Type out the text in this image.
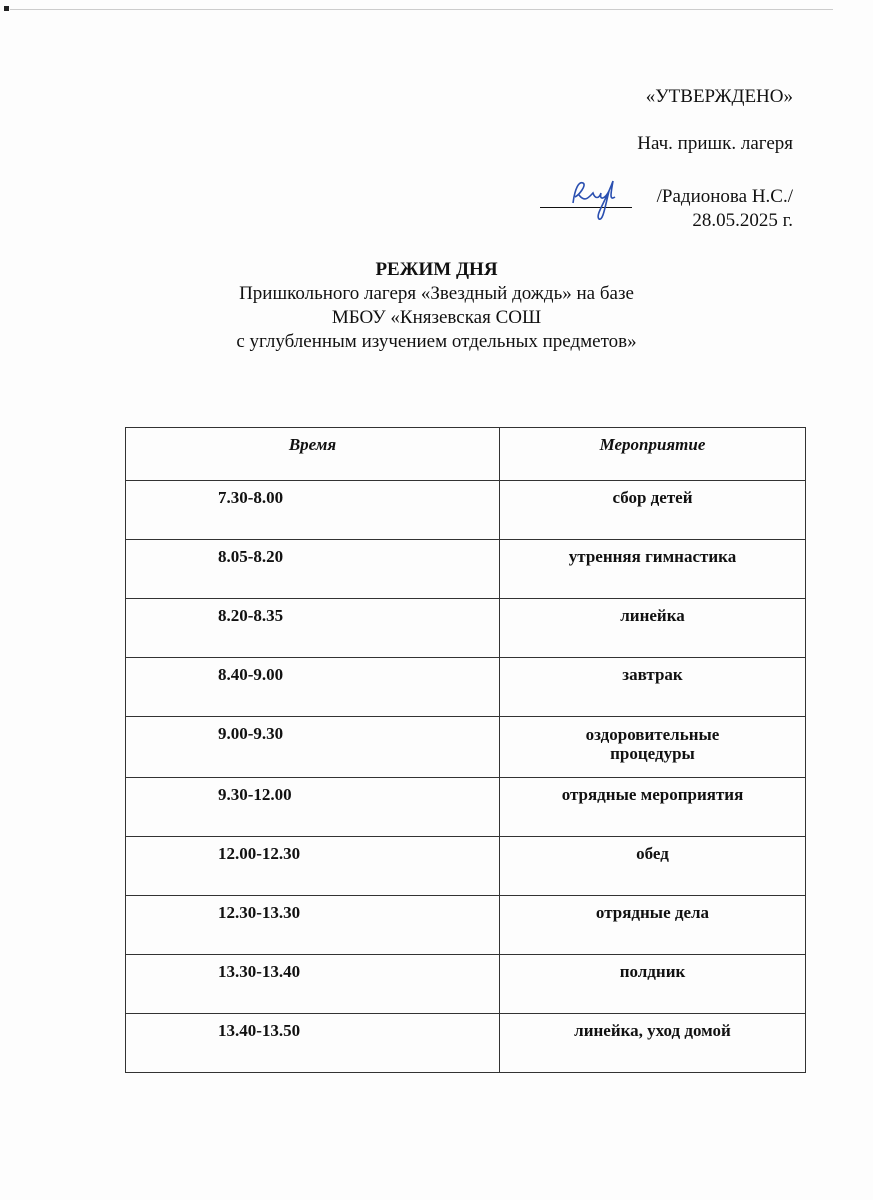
«УТВЕРЖДЕНО»
Нач. пришк. лагеря
/Радионова Н.С./
28.05.2025 г.
РЕЖИМ ДНЯ
Пришкольного лагеря «Звездный дождь» на базе
МБОУ «Князевская СОШ
с углубленным изучением отдельных предметов»
Время	Мероприятие
7.30-8.00	сбор детей
8.05-8.20	утренняя гимнастика
8.20-8.35	линейка
8.40-9.00	завтрак
9.00-9.30	оздоровительные процедуры
9.30-12.00	отрядные мероприятия
12.00-12.30	обед
12.30-13.30	отрядные дела
13.30-13.40	полдник
13.40-13.50	линейка, уход домой
